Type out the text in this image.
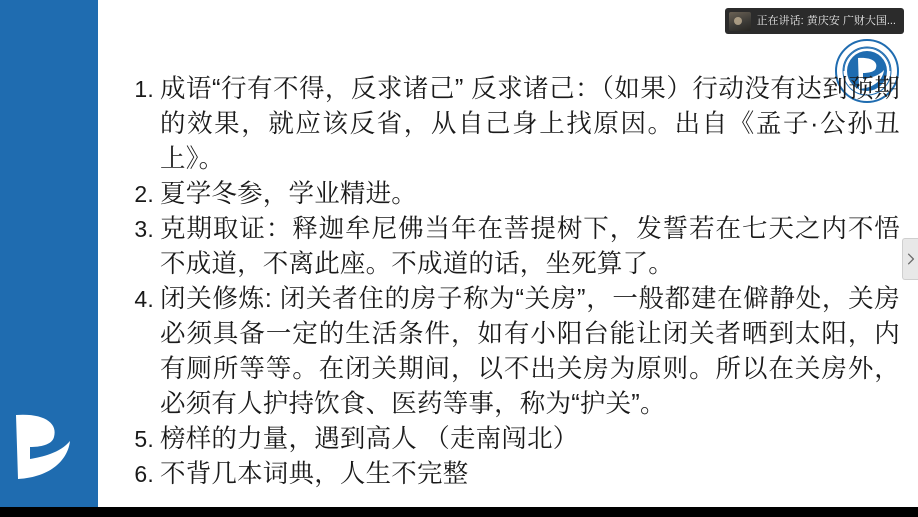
1. 成语“行有不得，反求诸己” 反求诸己：（如果）行动没有达到预期的效果，就应该反省，从自己身上找原因。出自《孟子·公孙丑上》。
2. 夏学冬参，学业精进。
3. 克期取证：释迦牟尼佛当年在菩提树下，发誓若在七天之内不悟不成道，不离此座。不成道的话，坐死算了。
4. 闭关修炼: 闭关者住的房子称为“关房”，一般都建在僻静处，关房必须具备一定的生活条件，如有小阳台能让闭关者晒到太阳，内有厕所等等。在闭关期间，以不出关房为原则。所以在关房外，必须有人护持饮食、医药等事，称为“护关”。
5. 榜样的力量，遇到高人 （走南闯北）
6. 不背几本词典，人生不完整
正在讲话: 黄庆安 广财大国...
